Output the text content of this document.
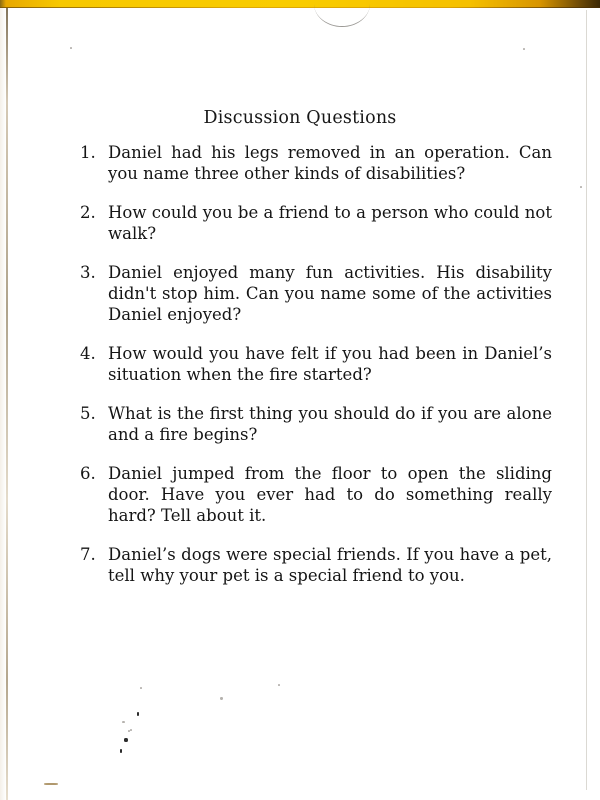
Discussion Questions
1. Daniel had his legs removed in an operation. Can you name three other kinds of disabilities?
2. How could you be a friend to a person who could not walk?
3. Daniel enjoyed many fun activities. His disability didn't stop him. Can you name some of the activities Daniel enjoyed?
4. How would you have felt if you had been in Daniel’s situation when the fire started?
5. What is the first thing you should do if you are alone and a fire begins?
6. Daniel jumped from the floor to open the sliding door. Have you ever had to do something really hard? Tell about it.
7. Daniel’s dogs were special friends. If you have a pet, tell why your pet is a special friend to you.
